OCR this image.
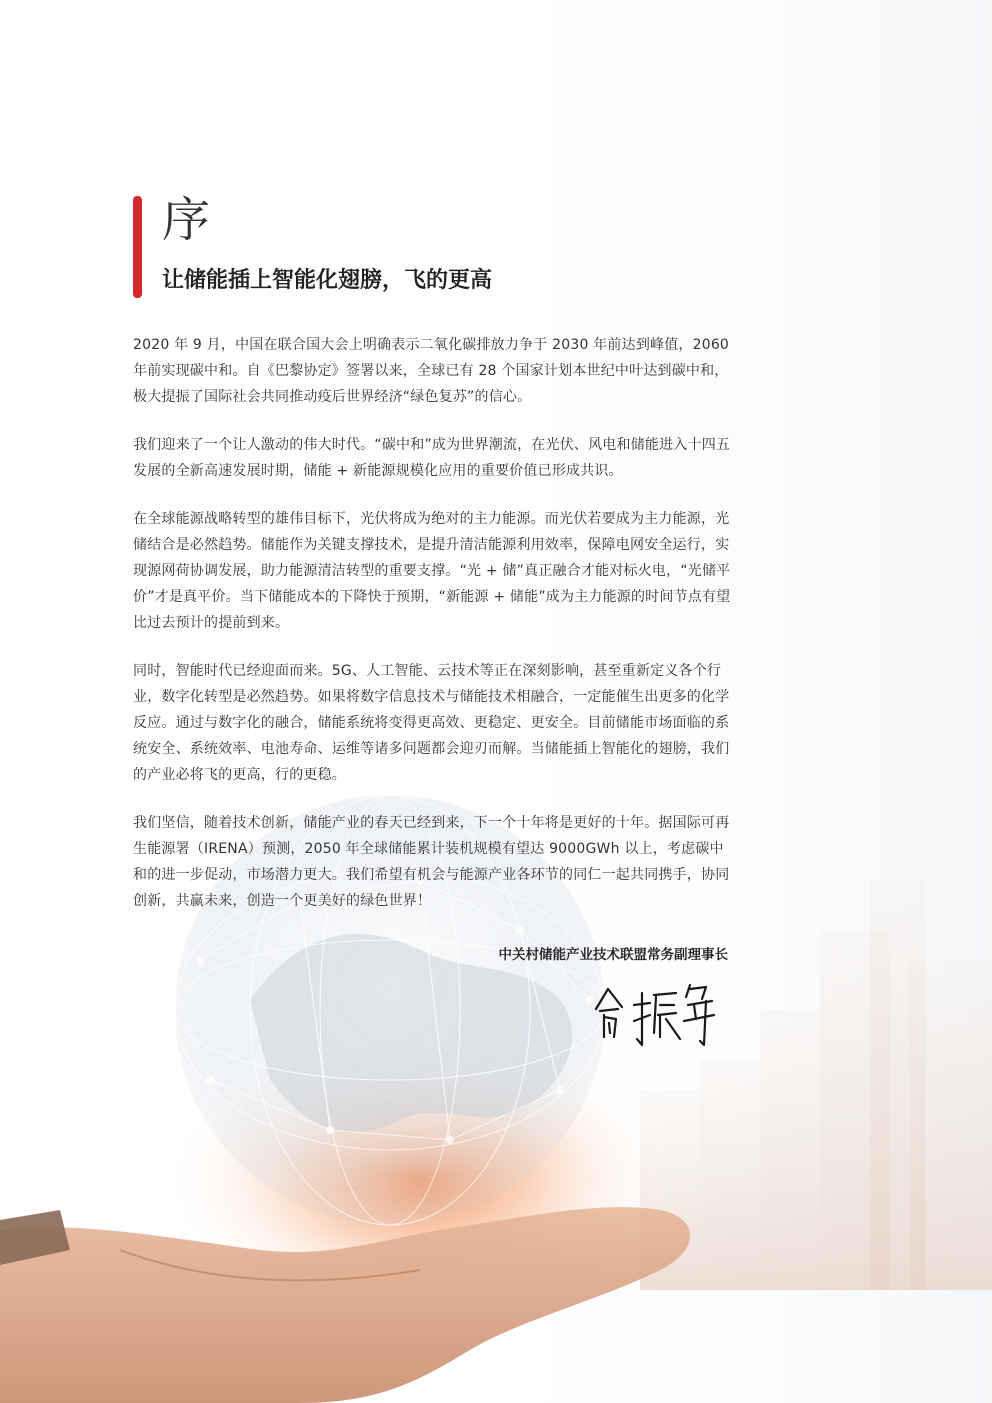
序
让储能插上智能化翅膀，飞的更高

2020 年 9 月，中国在联合国大会上明确表示二氧化碳排放力争于 2030 年前达到峰值，2060 年前实现碳中和。自《巴黎协定》签署以来，全球已有 28 个国家计划本世纪中叶达到碳中和，极大提振了国际社会共同推动疫后世界经济“绿色复苏”的信心。

我们迎来了一个让人激动的伟大时代。“碳中和”成为世界潮流，在光伏、风电和储能进入十四五发展的全新高速发展时期，储能 + 新能源规模化应用的重要价值已形成共识。

在全球能源战略转型的雄伟目标下，光伏将成为绝对的主力能源。而光伏若要成为主力能源，光储结合是必然趋势。储能作为关键支撑技术，是提升清洁能源利用效率，保障电网安全运行，实现源网荷协调发展，助力能源清洁转型的重要支撑。“光 + 储”真正融合才能对标火电，“光储平价”才是真平价。当下储能成本的下降快于预期，“新能源 + 储能”成为主力能源的时间节点有望比过去预计的提前到来。

同时，智能时代已经迎面而来。5G、人工智能、云技术等正在深刻影响，甚至重新定义各个行业，数字化转型是必然趋势。如果将数字信息技术与储能技术相融合，一定能催生出更多的化学反应。通过与数字化的融合，储能系统将变得更高效、更稳定、更安全。目前储能市场面临的系统安全、系统效率、电池寿命、运维等诸多问题都会迎刃而解。当储能插上智能化的翅膀，我们的产业必将飞的更高，行的更稳。

我们坚信，随着技术创新，储能产业的春天已经到来，下一个十年将是更好的十年。据国际可再生能源署（IRENA）预测，2050 年全球储能累计装机规模有望达 9000GWh 以上，考虑碳中和的进一步促动，市场潜力更大。我们希望有机会与能源产业各环节的同仁一起共同携手，协同创新，共赢未来，创造一个更美好的绿色世界！

中关村储能产业技术联盟常务副理事长
